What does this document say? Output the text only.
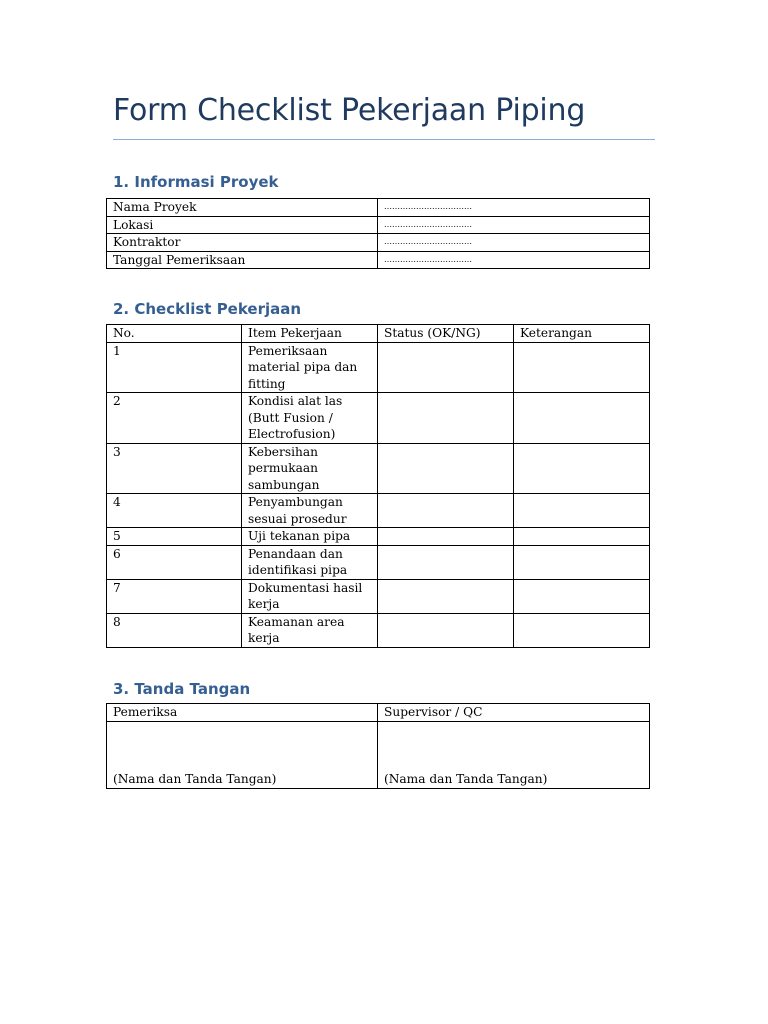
Form Checklist Pekerjaan Piping
1. Informasi Proyek
Nama Proyek	……………………………
Lokasi	……………………………
Kontraktor	……………………………
Tanggal Pemeriksaan	……………………………
2. Checklist Pekerjaan
No.	Item Pekerjaan	Status (OK/NG)	Keterangan
1	Pemeriksaan material pipa dan fitting		
2	Kondisi alat las (Butt Fusion / Electrofusion)		
3	Kebersihan permukaan sambungan		
4	Penyambungan sesuai prosedur		
5	Uji tekanan pipa		
6	Penandaan dan identifikasi pipa		
7	Dokumentasi hasil kerja		
8	Keamanan area kerja		
3. Tanda Tangan
Pemeriksa	Supervisor / QC
(Nama dan Tanda Tangan)	(Nama dan Tanda Tangan)
